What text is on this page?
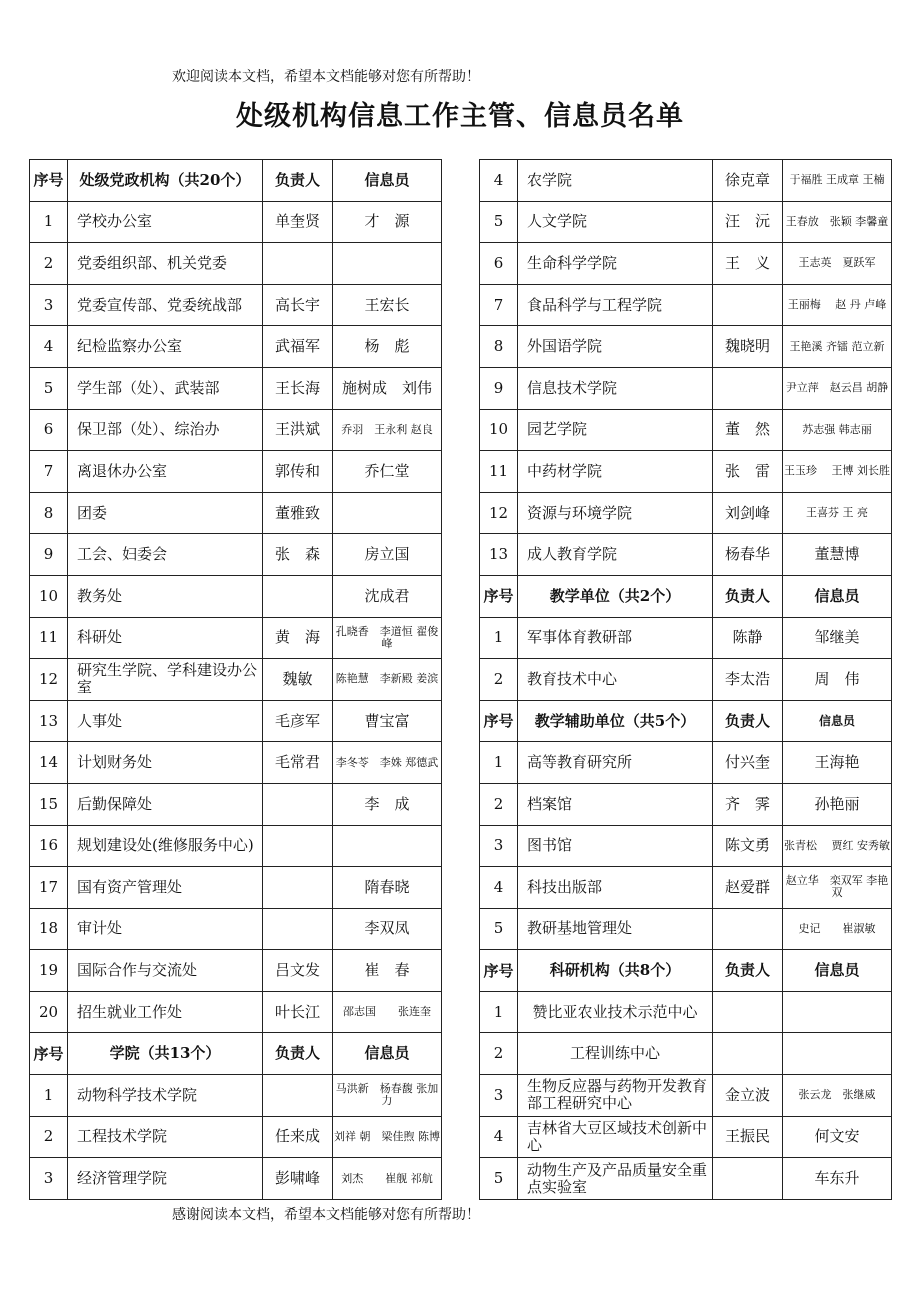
欢迎阅读本文档，希望本文档能够对您有所帮助！
处级机构信息工作主管、信息员名单
序号	处级党政机构（共20个）	负责人	信息员
1	学校办公室	单奎贤	才　源
2	党委组织部、机关党委		
3	党委宣传部、党委统战部	高长宇	王宏长
4	纪检监察办公室	武福军	杨　彪
5	学生部（处）、武装部	王长海	施树成　刘伟
6	保卫部（处）、综治办	王洪斌	乔羽　王永利 赵良
7	离退休办公室	郭传和	乔仁堂
8	团委	董雅致	
9	工会、妇委会	张　森	房立国
10	教务处		沈成君
11	科研处	黄　海	孔晓香　李道恒 翟俊峰
12	研究生学院、学科建设办公室	魏敏	陈艳慧　李新殿 姜滨
13	人事处	毛彦军	曹宝富
14	计划财务处	毛常君	李冬苓　李姝 郑德武
15	后勤保障处		李　成
16	规划建设处(维修服务中心)		
17	国有资产管理处		隋春晓
18	审计处		李双凤
19	国际合作与交流处	吕文发	崔　春
20	招生就业工作处	叶长江	邵志国　　张连奎
序号	学院（共13个）	负责人	信息员
1	动物科学技术学院		马洪新　杨春馥 张加力
2	工程技术学院	任来成	刘祥 朝　梁佳煦 陈博
3	经济管理学院	彭啸峰	刘杰　　崔舰 祁航
4	农学院	徐克章	于福胜 王成章 王楠
5	人文学院	汪　沅	王春放　张颖 李馨童
6	生命科学学院	王　义	王志英　夏跃军
7	食品科学与工程学院		王丽梅　 赵 丹 卢峰
8	外国语学院	魏晓明	王艳溪 齐镭 范立新
9	信息技术学院		尹立萍　赵云昌 胡静
10	园艺学院	董　然	苏志强 韩志丽
11	中药材学院	张　雷	王玉珍　 王博 刘长胜
12	资源与环境学院	刘剑峰	王喜芬 王 亮
13	成人教育学院	杨春华	董慧博
序号	教学单位（共2个）	负责人	信息员
1	军事体育教研部	陈静	邹继美
2	教育技术中心	李太浩	周　伟
序号	教学辅助单位（共5个）	负责人	信息员
1	高等教育研究所	付兴奎	王海艳
2	档案馆	齐　霁	孙艳丽
3	图书馆	陈文勇	张青松　 贾红 安秀敏
4	科技出版部	赵爱群	赵立华　栾双军 李艳双
5	教研基地管理处		史记　　崔淑敏
序号	科研机构（共8个）	负责人	信息员
1	赞比亚农业技术示范中心		
2	工程训练中心		
3	生物反应器与药物开发教育部工程研究中心	金立波	张云龙　张继威
4	吉林省大豆区域技术创新中心	王振民	何文安
5	动物生产及产品质量安全重点实验室		车东升
感谢阅读本文档，希望本文档能够对您有所帮助！
